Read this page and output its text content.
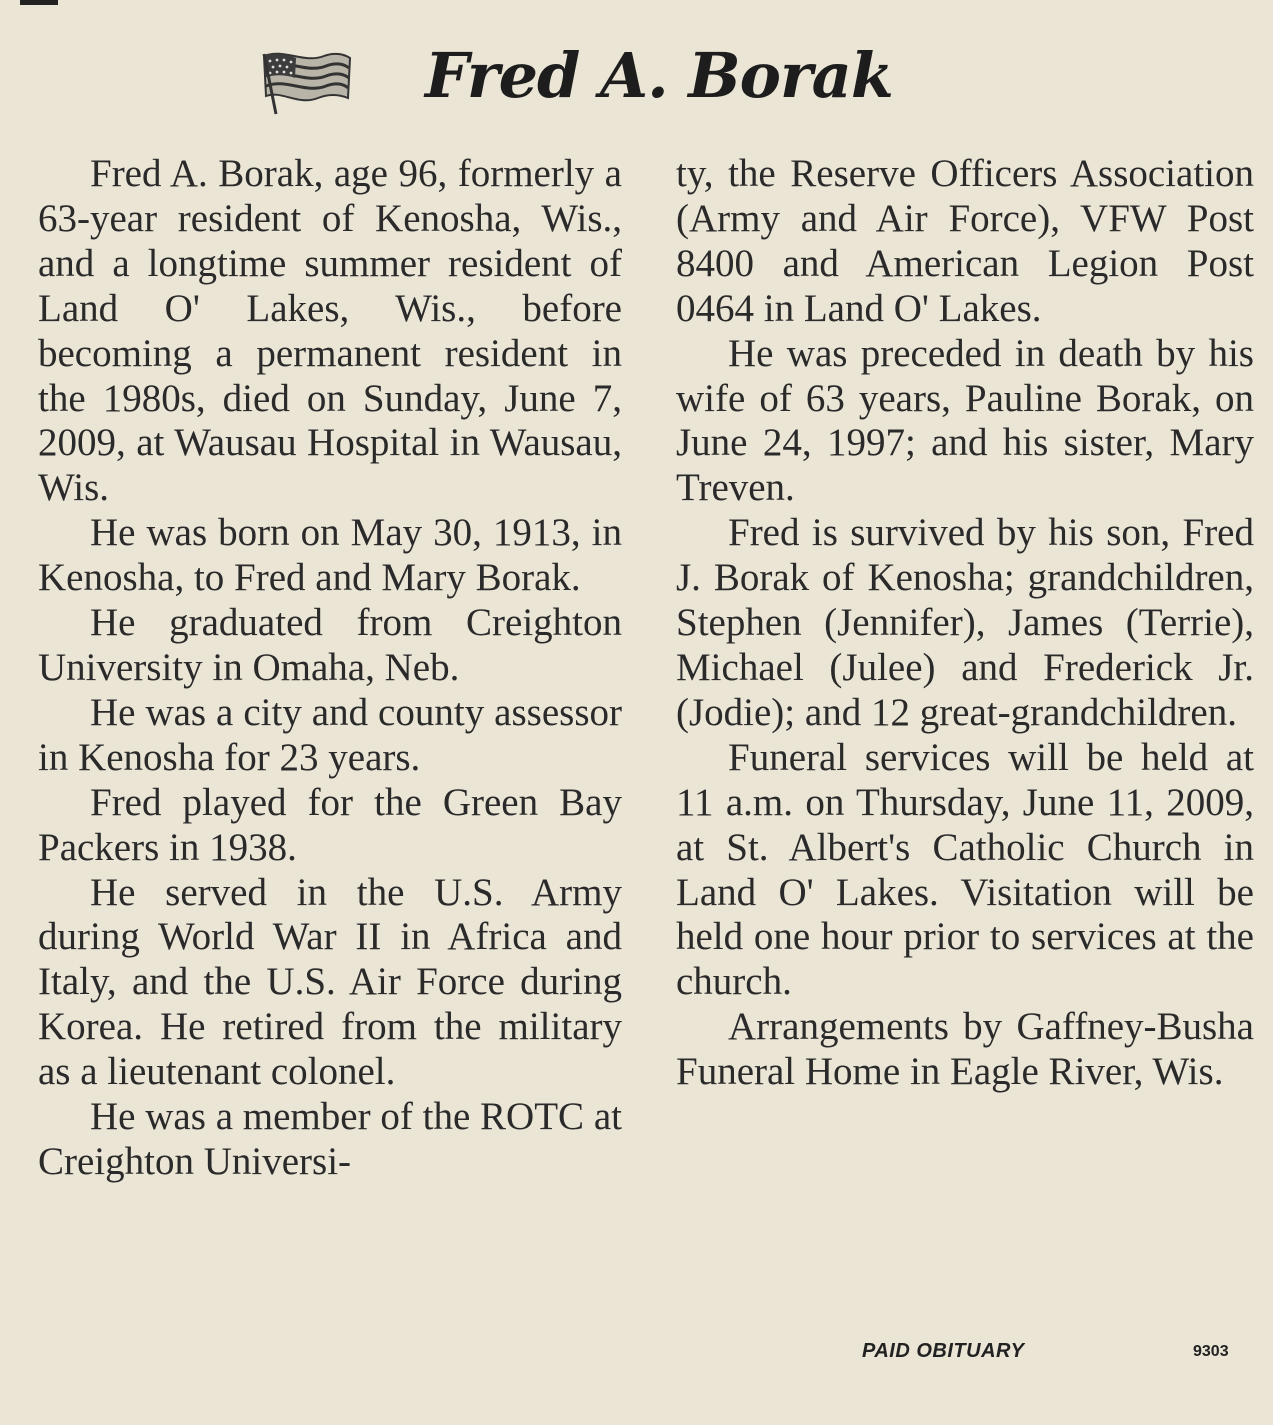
Fred A. Borak

Fred A. Borak, age 96, formerly a 63-year resident of Kenosha, Wis., and a longtime summer resident of Land O' Lakes, Wis., before becoming a permanent resident in the 1980s, died on Sunday, June 7, 2009, at Wausau Hospital in Wausau, Wis.

He was born on May 30, 1913, in Kenosha, to Fred and Mary Borak.

He graduated from Creighton University in Omaha, Neb.

He was a city and county assessor in Kenosha for 23 years.

Fred played for the Green Bay Packers in 1938.

He served in the U.S. Army during World War II in Africa and Italy, and the U.S. Air Force during Korea. He retired from the military as a lieutenant colonel.

He was a member of the ROTC at Creighton Universi-

ty, the Reserve Officers Association (Army and Air Force), VFW Post 8400 and American Legion Post 0464 in Land O' Lakes.

He was preceded in death by his wife of 63 years, Pauline Borak, on June 24, 1997; and his sister, Mary Treven.

Fred is survived by his son, Fred J. Borak of Kenosha; grandchildren, Stephen (Jennifer), James (Terrie), Michael (Julee) and Frederick Jr. (Jodie); and 12 great-grandchildren.

Funeral services will be held at 11 a.m. on Thursday, June 11, 2009, at St. Albert's Catholic Church in Land O' Lakes. Visitation will be held one hour prior to services at the church.

Arrangements by Gaffney-Busha Funeral Home in Eagle River, Wis.

PAID OBITUARY	9303
